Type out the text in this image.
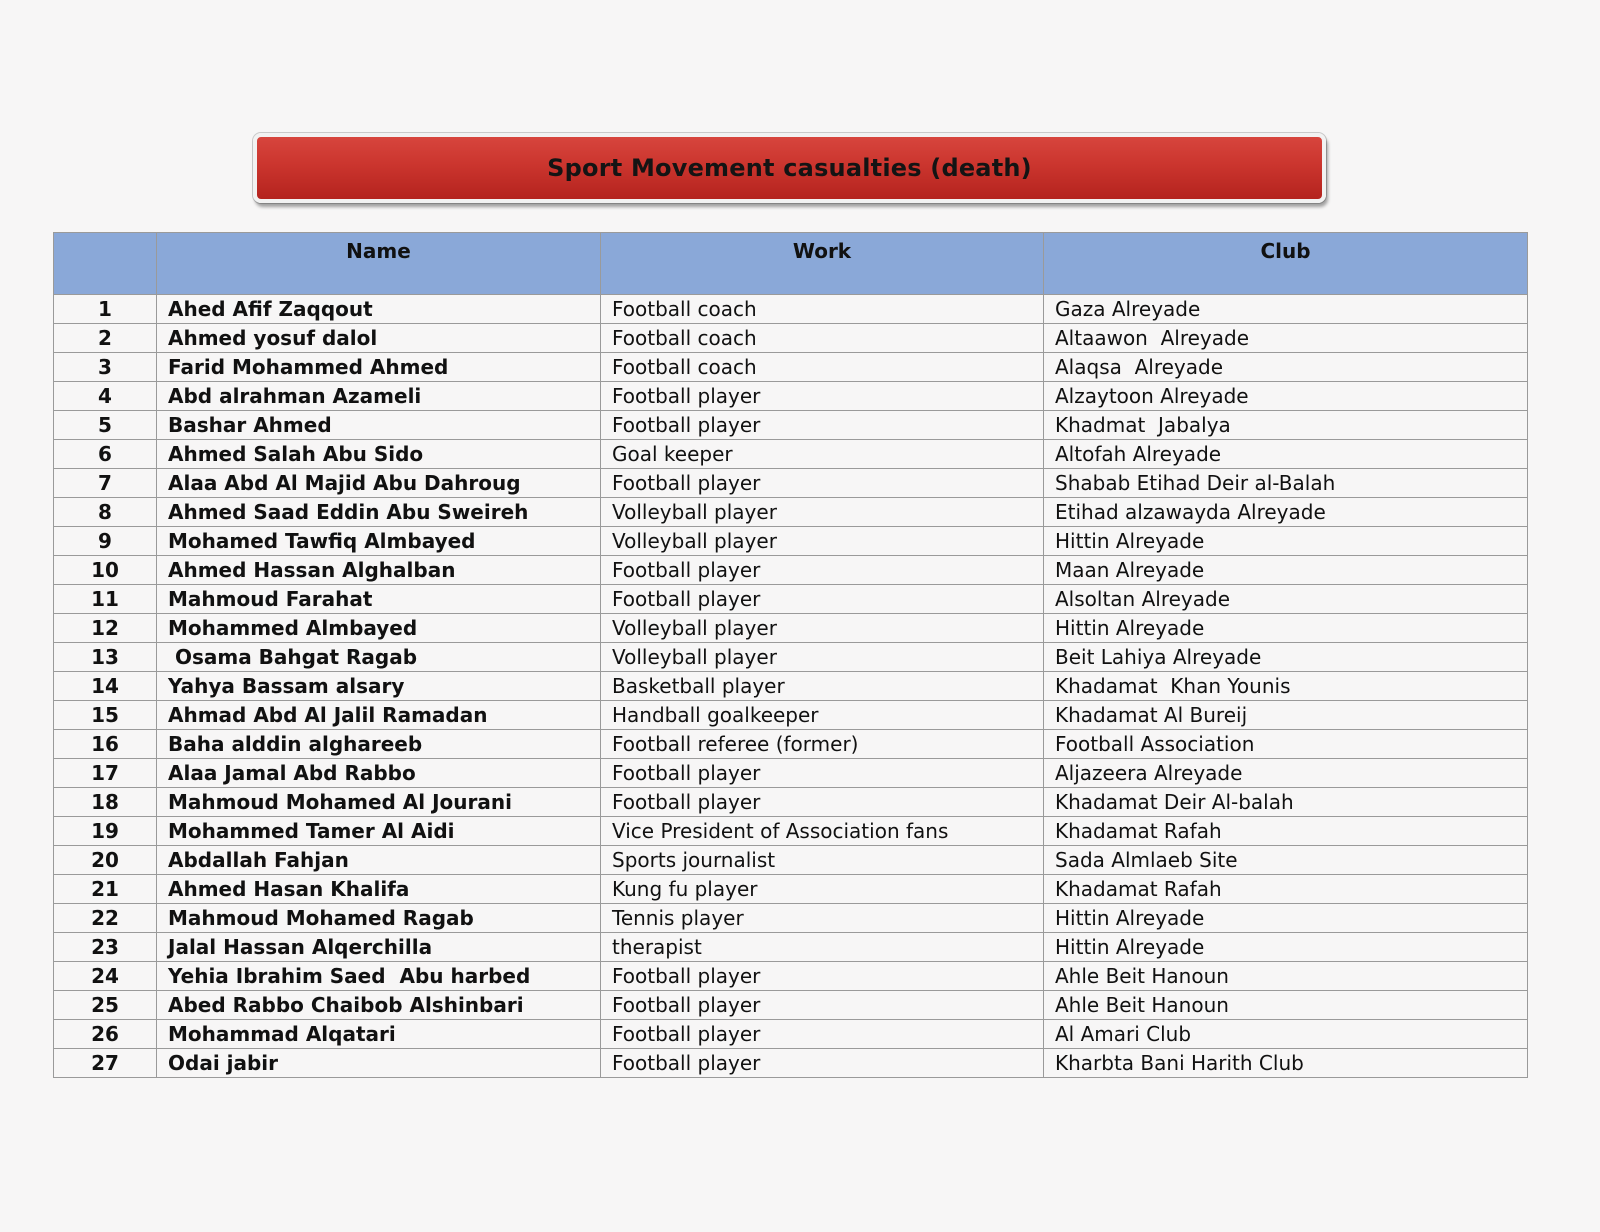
Sport Movement casualties (death)
	Name	Work	Club
1	Ahed Afif Zaqqout	Football coach	Gaza Alreyade
2	Ahmed yosuf dalol	Football coach	Altaawon  Alreyade
3	Farid Mohammed Ahmed	Football coach	Alaqsa  Alreyade
4	Abd alrahman Azameli	Football player	Alzaytoon Alreyade
5	Bashar Ahmed	Football player	Khadmat  Jabalya
6	Ahmed Salah Abu Sido	Goal keeper	Altofah Alreyade
7	Alaa Abd Al Majid Abu Dahroug	Football player	Shabab Etihad Deir al-Balah
8	Ahmed Saad Eddin Abu Sweireh	Volleyball player	Etihad alzawayda Alreyade
9	Mohamed Tawfiq Almbayed	Volleyball player	Hittin Alreyade
10	Ahmed Hassan Alghalban	Football player	Maan Alreyade
11	Mahmoud Farahat	Football player	Alsoltan Alreyade
12	Mohammed Almbayed	Volleyball player	Hittin Alreyade
13	Osama Bahgat Ragab	Volleyball player	Beit Lahiya Alreyade
14	Yahya Bassam alsary	Basketball player	Khadamat  Khan Younis
15	Ahmad Abd Al Jalil Ramadan	Handball goalkeeper	Khadamat Al Bureij
16	Baha alddin alghareeb	Football referee (former)	Football Association
17	Alaa Jamal Abd Rabbo	Football player	Aljazeera Alreyade
18	Mahmoud Mohamed Al Jourani	Football player	Khadamat Deir Al-balah
19	Mohammed Tamer Al Aidi	Vice President of Association fans	Khadamat Rafah
20	Abdallah Fahjan	Sports journalist	Sada Almlaeb Site
21	Ahmed Hasan Khalifa	Kung fu player	Khadamat Rafah
22	Mahmoud Mohamed Ragab	Tennis player	Hittin Alreyade
23	Jalal Hassan Alqerchilla	therapist	Hittin Alreyade
24	Yehia Ibrahim Saed  Abu harbed	Football player	Ahle Beit Hanoun
25	Abed Rabbo Chaibob Alshinbari	Football player	Ahle Beit Hanoun
26	Mohammad Alqatari	Football player	Al Amari Club
27	Odai jabir	Football player	Kharbta Bani Harith Club
